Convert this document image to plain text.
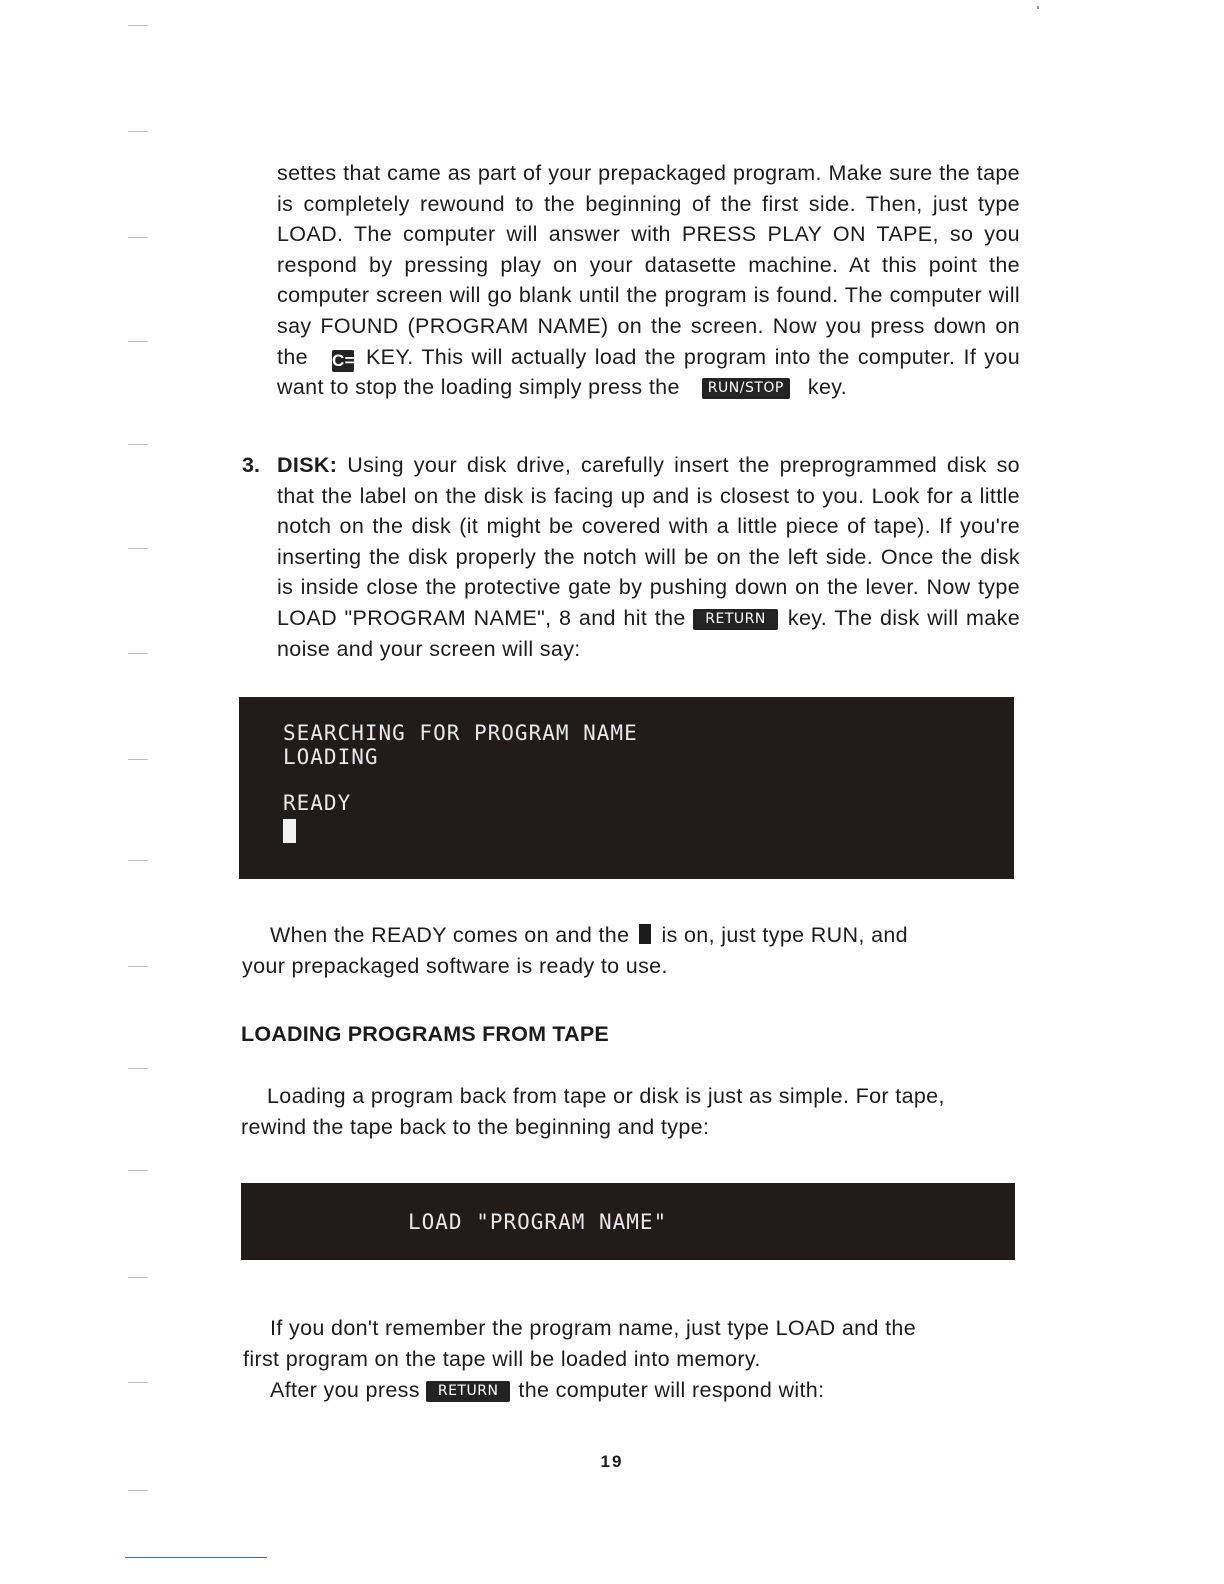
settes that came as part of your prepackaged program. Make sure the tape is completely rewound to the beginning of the first side. Then, just type LOAD. The computer will answer with PRESS PLAY ON TAPE, so you respond by pressing play on your datasette machine. At this point the computer screen will go blank until the program is found. The computer will say FOUND (PROGRAM NAME) on the screen. Now you press down on the C= KEY. This will actually load the program into the computer. If you want to stop the loading simply press the RUN/STOP key.
3. DISK: Using your disk drive, carefully insert the preprogrammed disk so that the label on the disk is facing up and is closest to you. Look for a little notch on the disk (it might be covered with a little piece of tape). If you're inserting the disk properly the notch will be on the left side. Once the disk is inside close the protective gate by pushing down on the lever. Now type LOAD "PROGRAM NAME", 8 and hit the RETURN key. The disk will make noise and your screen will say:
SEARCHING FOR PROGRAM NAME
LOADING
READY
When the READY comes on and the is on, just type RUN, and
your prepackaged software is ready to use.
LOADING PROGRAMS FROM TAPE
Loading a program back from tape or disk is just as simple. For tape,
rewind the tape back to the beginning and type:
LOAD "PROGRAM NAME"
If you don't remember the program name, just type LOAD and the
first program on the tape will be loaded into memory.
After you press RETURN the computer will respond with:
19
